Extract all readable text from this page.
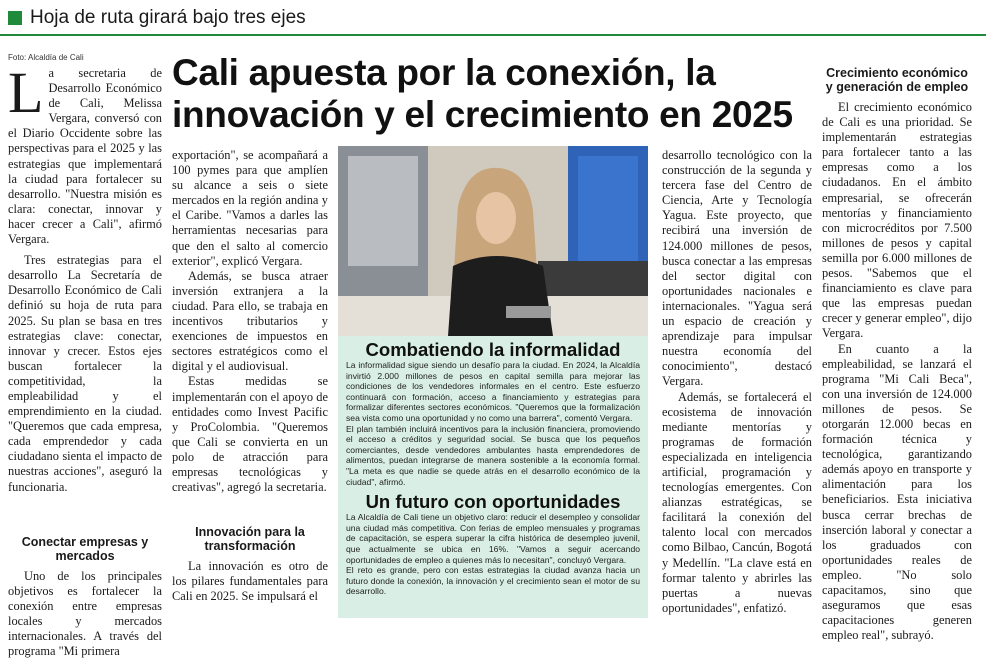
Hoja de ruta girará bajo tres ejes
Foto: Alcaldía de Cali Cali apuesta por la conexión, la innovación y el crecimiento en 2025

La secretaria de Desarrollo Económico de Cali, Melissa Vergara, conversó con el Diario Occidente sobre las perspectivas para el 2025 y las estrategias que implementará la ciudad para fortalecer su desarrollo. "Nuestra misión es clara: conectar, innovar y hacer crecer a Cali", afirmó Vergara.

Tres estrategias para el desarrollo La Secretaría de Desarrollo Económico de Cali definió su hoja de ruta para 2025. Su plan se basa en tres estrategias clave: conectar, innovar y crecer. Estos ejes buscan fortalecer la competitividad, la empleabilidad y el emprendimiento en la ciudad. "Queremos que cada empresa, cada emprendedor y cada ciudadano sienta el impacto de nuestras acciones", aseguró la funcionaria.

Conectar empresas y mercados

Uno de los principales objetivos es fortalecer la conexión entre empresas locales y mercados internacionales. A través del programa "Mi primera

exportación", se acompañará a 100 pymes para que amplíen su alcance a seis o siete mercados en la región andina y el Caribe. "Vamos a darles las herramientas necesarias para que den el salto al comercio exterior", explicó Vergara.

Además, se busca atraer inversión extranjera a la ciudad. Para ello, se trabaja en incentivos tributarios y exenciones de impuestos en sectores estratégicos como el digital y el audiovisual.

Estas medidas se implementarán con el apoyo de entidades como Invest Pacific y ProColombia. "Queremos que Cali se convierta en un polo de atracción para empresas tecnológicas y creativas", agregó la secretaria.

Innovación para la transformación

La innovación es otro de los pilares fundamentales para Cali en 2025. Se impulsará el

Combatiendo la informalidad

La informalidad sigue siendo un desafío para la ciudad. En 2024, la Alcaldía invirtió 2.000 millones de pesos en capital semilla para mejorar las condiciones de los vendedores informales en el centro. Este esfuerzo continuará con formación, acceso a financiamiento y estrategias para formalizar diferentes sectores económicos. "Queremos que la formalización sea vista como una oportunidad y no como una barrera", comentó Vergara.

El plan también incluirá incentivos para la inclusión financiera, promoviendo el acceso a créditos y seguridad social. Se busca que los pequeños comerciantes, desde vendedores ambulantes hasta emprendedores de alimentos, puedan integrarse de manera sostenible a la economía formal. "La meta es que nadie se quede atrás en el desarrollo económico de la ciudad", afirmó.

Un futuro con oportunidades

La Alcaldía de Cali tiene un objetivo claro: reducir el desempleo y consolidar una ciudad más competitiva. Con ferias de empleo mensuales y programas de capacitación, se espera superar la cifra histórica de desempleo juvenil, que actualmente se ubica en 16%. "Vamos a seguir acercando oportunidades de empleo a quienes más lo necesitan", concluyó Vergara.

El reto es grande, pero con estas estrategias la ciudad avanza hacia un futuro donde la conexión, la innovación y el crecimiento sean el motor de su desarrollo.

desarrollo tecnológico con la construcción de la segunda y tercera fase del Centro de Ciencia, Arte y Tecnología Yagua. Este proyecto, que recibirá una inversión de 124.000 millones de pesos, busca conectar a las empresas del sector digital con oportunidades nacionales e internacionales. "Yagua será un espacio de creación y aprendizaje para impulsar nuestra economía del conocimiento", destacó Vergara.

Además, se fortalecerá el ecosistema de innovación mediante mentorías y programas de formación especializada en inteligencia artificial, programación y tecnologías emergentes. Con alianzas estratégicas, se facilitará la conexión del talento local con mercados como Bilbao, Cancún, Bogotá y Medellín. "La clave está en formar talento y abrirles las puertas a nuevas oportunidades", enfatizó.

Crecimiento económico y generación de empleo

El crecimiento económico de Cali es una prioridad. Se implementarán estrategias para fortalecer tanto a las empresas como a los ciudadanos. En el ámbito empresarial, se ofrecerán mentorías y financiamiento con microcréditos por 7.500 millones de pesos y capital semilla por 6.000 millones de pesos. "Sabemos que el financiamiento es clave para que las empresas puedan crecer y generar empleo", dijo Vergara.

En cuanto a la empleabilidad, se lanzará el programa "Mi Cali Beca", con una inversión de 124.000 millones de pesos. Se otorgarán 12.000 becas en formación técnica y tecnológica, garantizando además apoyo en transporte y alimentación para los beneficiarios. Esta iniciativa busca cerrar brechas de inserción laboral y conectar a los graduados con oportunidades reales de empleo. "No solo capacitamos, sino que aseguramos que esas capacitaciones generen empleo real", subrayó.
